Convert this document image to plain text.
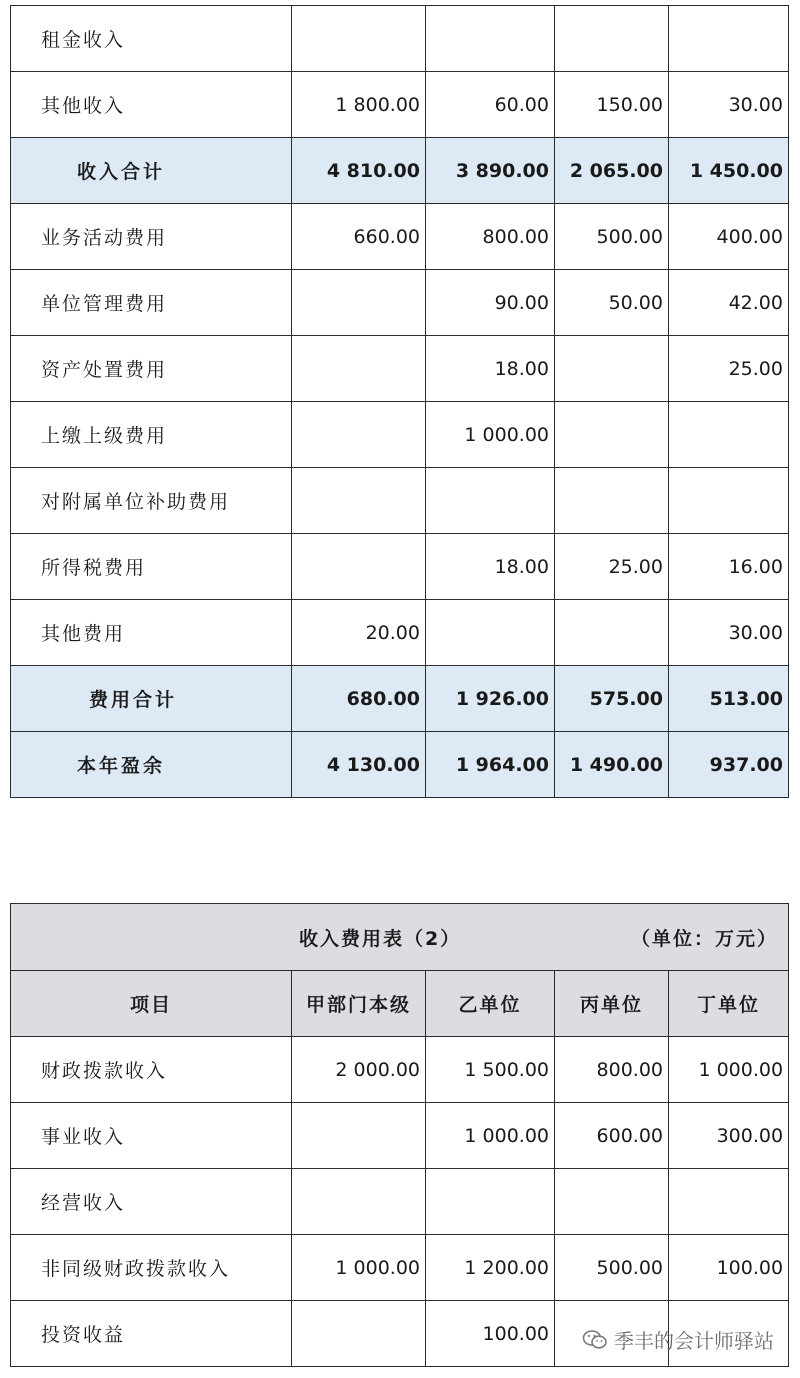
租金收入				
其他收入	1 800.00	60.00	150.00	30.00
收入合计	4 810.00	3 890.00	2 065.00	1 450.00
业务活动费用	660.00	800.00	500.00	400.00
单位管理费用		90.00	50.00	42.00
资产处置费用		18.00		25.00
上缴上级费用		1 000.00		
对附属单位补助费用				
所得税费用		18.00	25.00	16.00
其他费用	20.00			30.00
费用合计	680.00	1 926.00	575.00	513.00
本年盈余	4 130.00	1 964.00	1 490.00	937.00
收入费用表（2） （单位：万元）				

项目	甲部门本级	乙单位	丙单位	丁单位
财政拨款收入	2 000.00	1 500.00	800.00	1 000.00
事业收入		1 000.00	600.00	300.00
经营收入				
非同级财政拨款收入	1 000.00	1 200.00	500.00	100.00
投资收益		100.00			季丰的会计师驿站
